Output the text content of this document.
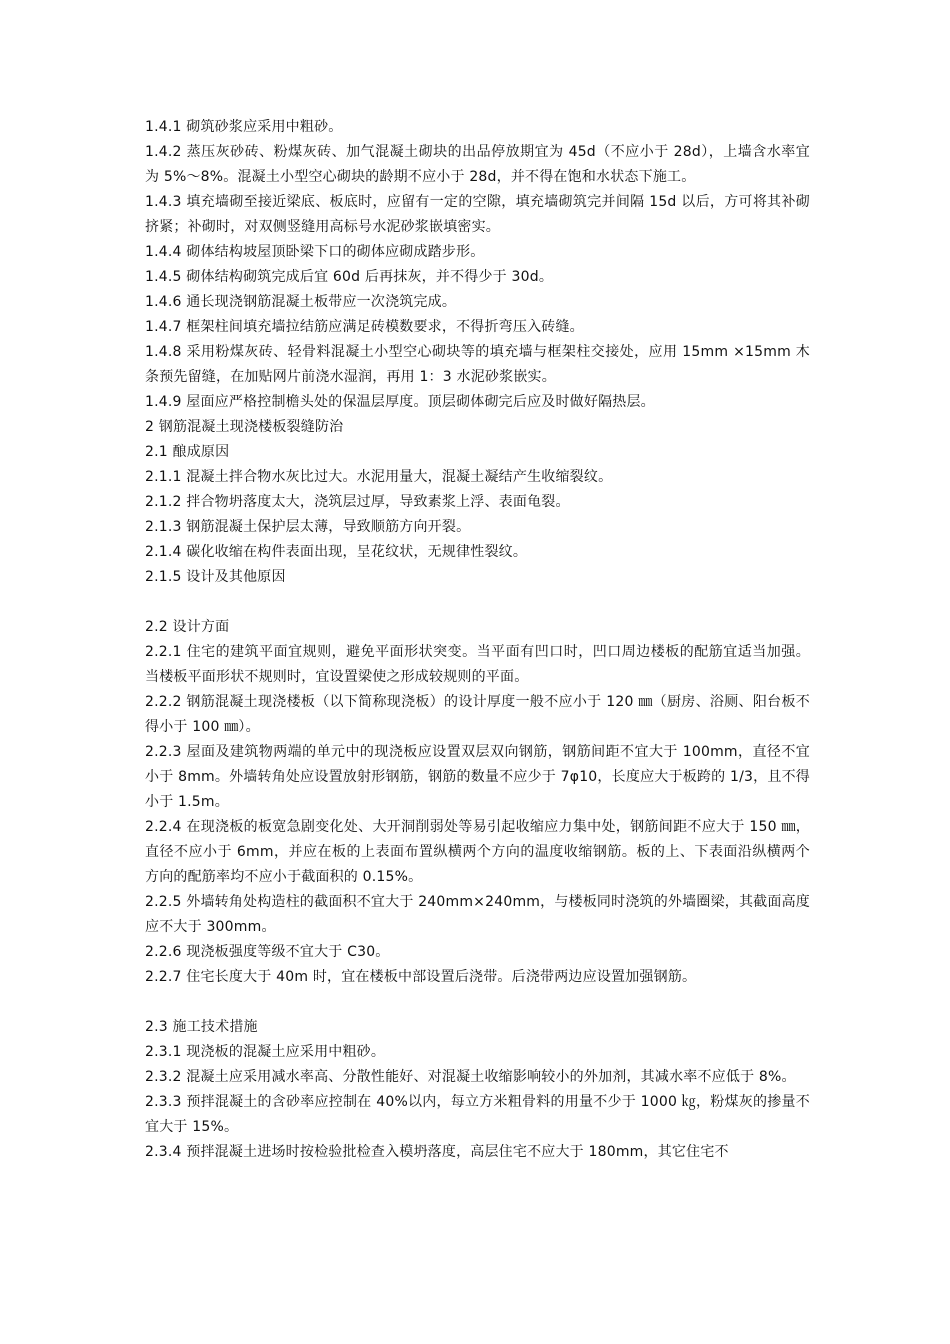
1.4.1 砌筑砂浆应采用中粗砂。

1.4.2 蒸压灰砂砖、粉煤灰砖、加气混凝土砌块的出品停放期宜为 45d（不应小于 28d），上墙含水率宜为 5%～8%。混凝土小型空心砌块的龄期不应小于 28d，并不得在饱和水状态下施工。

1.4.3 填充墙砌至接近梁底、板底时，应留有一定的空隙，填充墙砌筑完并间隔 15d 以后，方可将其补砌挤紧；补砌时，对双侧竖缝用高标号水泥砂浆嵌填密实。

1.4.4 砌体结构坡屋顶卧梁下口的砌体应砌成踏步形。

1.4.5 砌体结构砌筑完成后宜 60d 后再抹灰，并不得少于 30d。

1.4.6 通长现浇钢筋混凝土板带应一次浇筑完成。

1.4.7 框架柱间填充墙拉结筋应满足砖模数要求，不得折弯压入砖缝。

1.4.8 采用粉煤灰砖、轻骨料混凝土小型空心砌块等的填充墙与框架柱交接处，应用 15mm ×15mm 木条预先留缝，在加贴网片前浇水湿润，再用 1：3 水泥砂浆嵌实。

1.4.9 屋面应严格控制檐头处的保温层厚度。顶层砌体砌完后应及时做好隔热层。

2 钢筋混凝土现浇楼板裂缝防治

2.1 酿成原因

2.1.1 混凝土拌合物水灰比过大。水泥用量大，混凝土凝结产生收缩裂纹。

2.1.2 拌合物坍落度太大，浇筑层过厚，导致素浆上浮、表面龟裂。

2.1.3 钢筋混凝土保护层太薄，导致顺筋方向开裂。

2.1.4 碳化收缩在构件表面出现，呈花纹状，无规律性裂纹。

2.1.5 设计及其他原因

2.2 设计方面

2.2.1 住宅的建筑平面宜规则，避免平面形状突变。当平面有凹口时，凹口周边楼板的配筋宜适当加强。当楼板平面形状不规则时，宜设置梁使之形成较规则的平面。

2.2.2 钢筋混凝土现浇楼板（以下简称现浇板）的设计厚度一般不应小于 120 ㎜（厨房、浴厕、阳台板不得小于 100 ㎜）。

2.2.3 屋面及建筑物两端的单元中的现浇板应设置双层双向钢筋，钢筋间距不宜大于 100mm，直径不宜小于 8mm。外墙转角处应设置放射形钢筋，钢筋的数量不应少于 7φ10，长度应大于板跨的 1/3，且不得小于 1.5m。

2.2.4 在现浇板的板宽急剧变化处、大开洞削弱处等易引起收缩应力集中处，钢筋间距不应大于 150 ㎜，直径不应小于 6mm，并应在板的上表面布置纵横两个方向的温度收缩钢筋。板的上、下表面沿纵横两个方向的配筋率均不应小于截面积的 0.15%。

2.2.5 外墙转角处构造柱的截面积不宜大于 240mm×240mm，与楼板同时浇筑的外墙圈梁，其截面高度应不大于 300mm。

2.2.6 现浇板强度等级不宜大于 C30。

2.2.7 住宅长度大于 40m 时，宜在楼板中部设置后浇带。后浇带两边应设置加强钢筋。

2.3 施工技术措施

2.3.1 现浇板的混凝土应采用中粗砂。

2.3.2 混凝土应采用减水率高、分散性能好、对混凝土收缩影响较小的外加剂，其减水率不应低于 8%。

2.3.3 预拌混凝土的含砂率应控制在 40%以内，每立方米粗骨料的用量不少于 1000 ㎏，粉煤灰的掺量不宜大于 15%。

2.3.4 预拌混凝土进场时按检验批检查入模坍落度，高层住宅不应大于 180mm，其它住宅不
